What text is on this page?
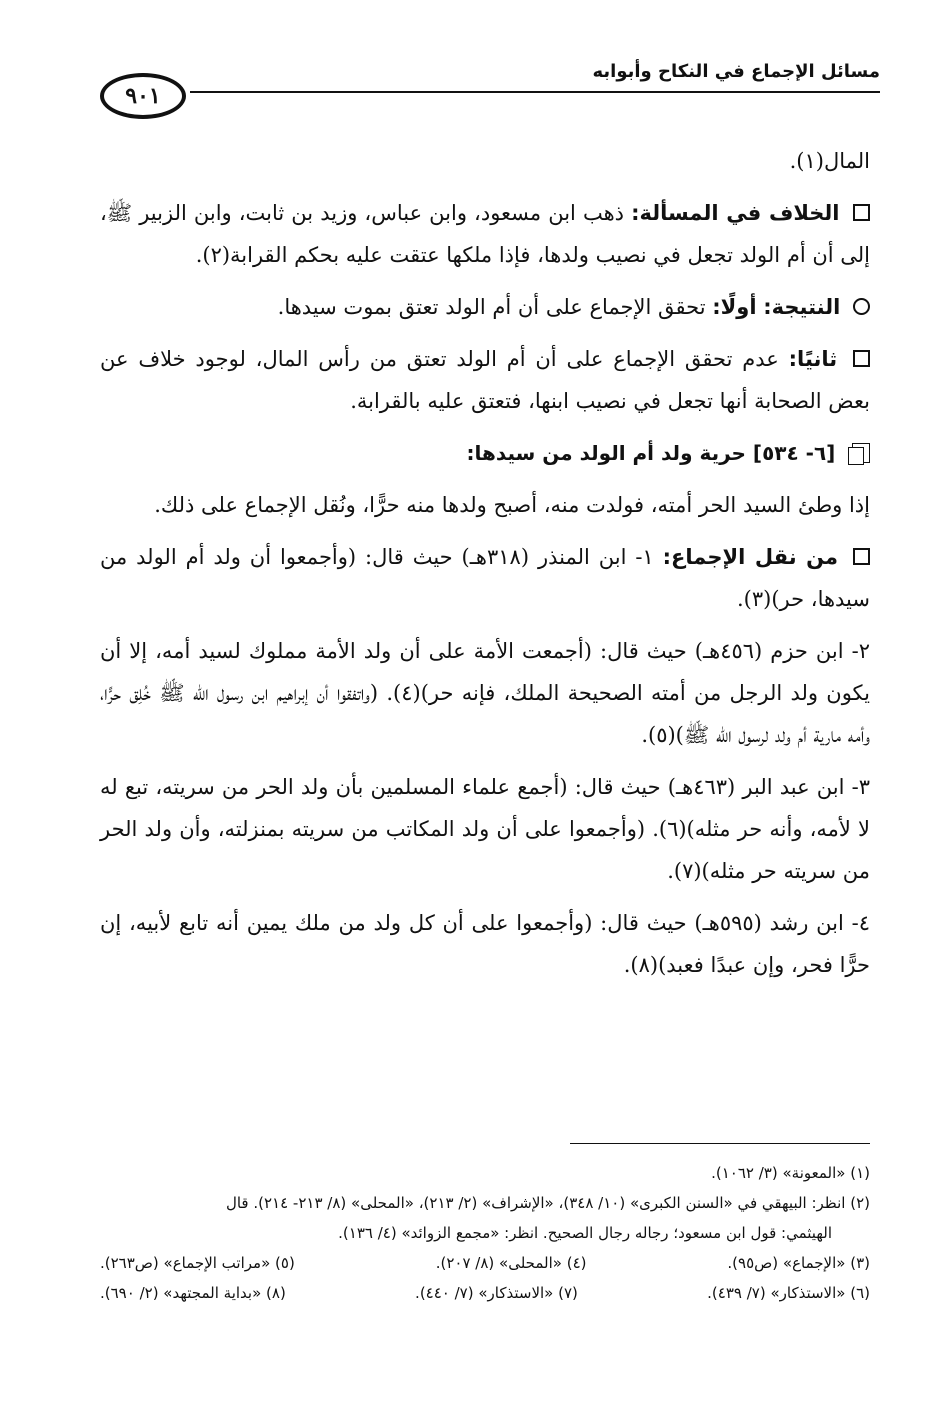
٩٠١
مسائل الإجماع في النكاح وأبوابه

المال(١).

الخلاف في المسألة: ذهب ابن مسعود، وابن عباس، وزيد بن ثابت، وابن الزبير ﷺ، إلى أن أم الولد تجعل في نصيب ولدها، فإذا ملكها عتقت عليه بحكم القرابة(٢).

النتيجة: أولًا: تحقق الإجماع على أن أم الولد تعتق بموت سيدها.

ثانيًا: عدم تحقق الإجماع على أن أم الولد تعتق من رأس المال، لوجود خلاف عن بعض الصحابة أنها تجعل في نصيب ابنها، فتعتق عليه بالقرابة.

[٦- ٥٣٤] حرية ولد أم الولد من سيدها:

إذا وطئ السيد الحر أمته، فولدت منه، أصبح ولدها منه حرًّا، ونُقل الإجماع على ذلك.

من نقل الإجماع: ١- ابن المنذر (٣١٨هـ) حيث قال: (وأجمعوا أن ولد أم الولد من سيدها، حر)(٣).

٢- ابن حزم (٤٥٦هـ) حيث قال: (أجمعت الأمة على أن ولد الأمة مملوك لسيد أمه، إلا أن يكون ولد الرجل من أمته الصحيحة الملك، فإنه حر)(٤). (واتفقوا أن إبراهيم ابن رسول الله ﷺ خُلِق حرًّا، وأمه مارية أم ولد لرسول الله ﷺ)(٥).

٣- ابن عبد البر (٤٦٣هـ) حيث قال: (أجمع علماء المسلمين بأن ولد الحر من سريته، تبع له لا لأمه، وأنه حر مثله)(٦). (وأجمعوا على أن ولد المكاتب من سريته بمنزلته، وأن ولد الحر من سريته حر مثله)(٧).

٤- ابن رشد (٥٩٥هـ) حيث قال: (وأجمعوا على أن كل ولد من ملك يمين أنه تابع لأبيه، إن حرًّا فحر، وإن عبدًا فعبد)(٨).

(١) «المعونة» (٣/ ١٠٦٢).

(٢) انظر: البيهقي في «السنن الكبرى» (١٠/ ٣٤٨)، «الإشراف» (٢/ ٢١٣)، «المحلى» (٨/ ٢١٣- ٢١٤). قال

الهيثمي: قول ابن مسعود؛ رجاله رجال الصحيح. انظر: «مجمع الزوائد» (٤/ ١٣٦).

(٣) «الإجماع» (ص٩٥).
(٤) «المحلى» (٨/ ٢٠٧).
(٥) «مراتب الإجماع» (ص٢٦٣).
(٦) «الاستذكار» (٧/ ٤٣٩).
(٧) «الاستذكار» (٧/ ٤٤٠).
(٨) «بداية المجتهد» (٢/ ٦٩٠).
